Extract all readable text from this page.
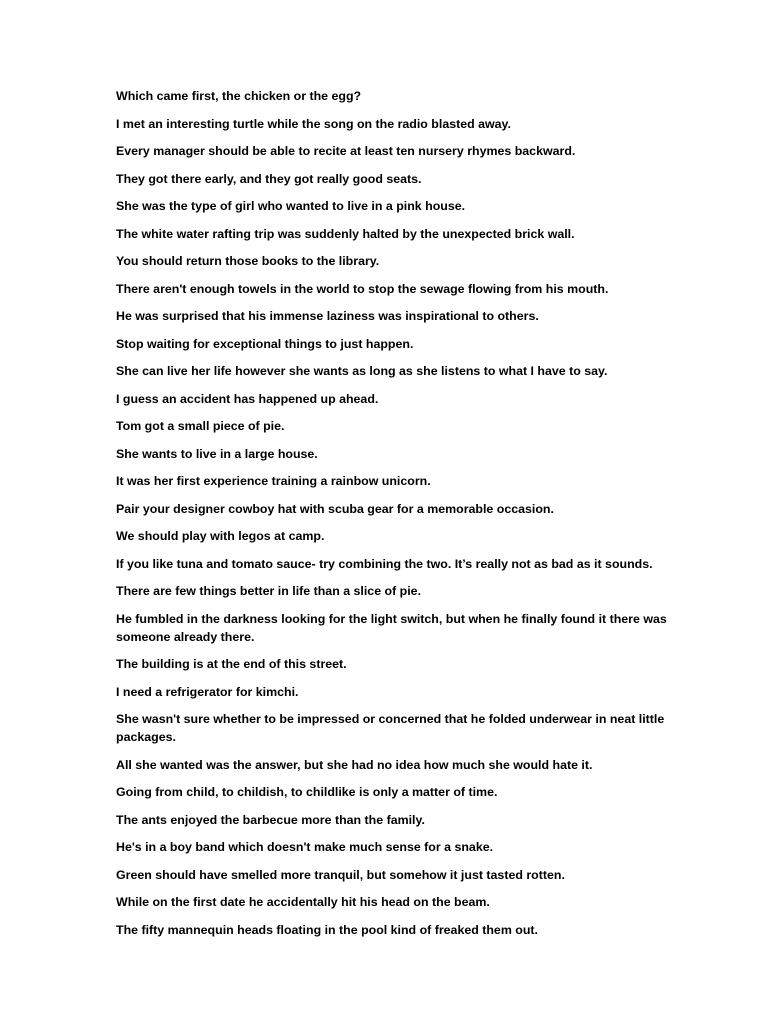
Which came first, the chicken or the egg?
I met an interesting turtle while the song on the radio blasted away.
Every manager should be able to recite at least ten nursery rhymes backward.
They got there early, and they got really good seats.
She was the type of girl who wanted to live in a pink house.
The white water rafting trip was suddenly halted by the unexpected brick wall.
You should return those books to the library.
There aren't enough towels in the world to stop the sewage flowing from his mouth.
He was surprised that his immense laziness was inspirational to others.
Stop waiting for exceptional things to just happen.
She can live her life however she wants as long as she listens to what I have to say.
I guess an accident has happened up ahead.
Tom got a small piece of pie.
She wants to live in a large house.
It was her first experience training a rainbow unicorn.
Pair your designer cowboy hat with scuba gear for a memorable occasion.
We should play with legos at camp.
If you like tuna and tomato sauce- try combining the two. It’s really not as bad as it sounds.
There are few things better in life than a slice of pie.
He fumbled in the darkness looking for the light switch, but when he finally found it there was someone already there.
The building is at the end of this street.
I need a refrigerator for kimchi.
She wasn't sure whether to be impressed or concerned that he folded underwear in neat little packages.
All she wanted was the answer, but she had no idea how much she would hate it.
Going from child, to childish, to childlike is only a matter of time.
The ants enjoyed the barbecue more than the family.
He's in a boy band which doesn't make much sense for a snake.
Green should have smelled more tranquil, but somehow it just tasted rotten.
While on the first date he accidentally hit his head on the beam.
The fifty mannequin heads floating in the pool kind of freaked them out.
